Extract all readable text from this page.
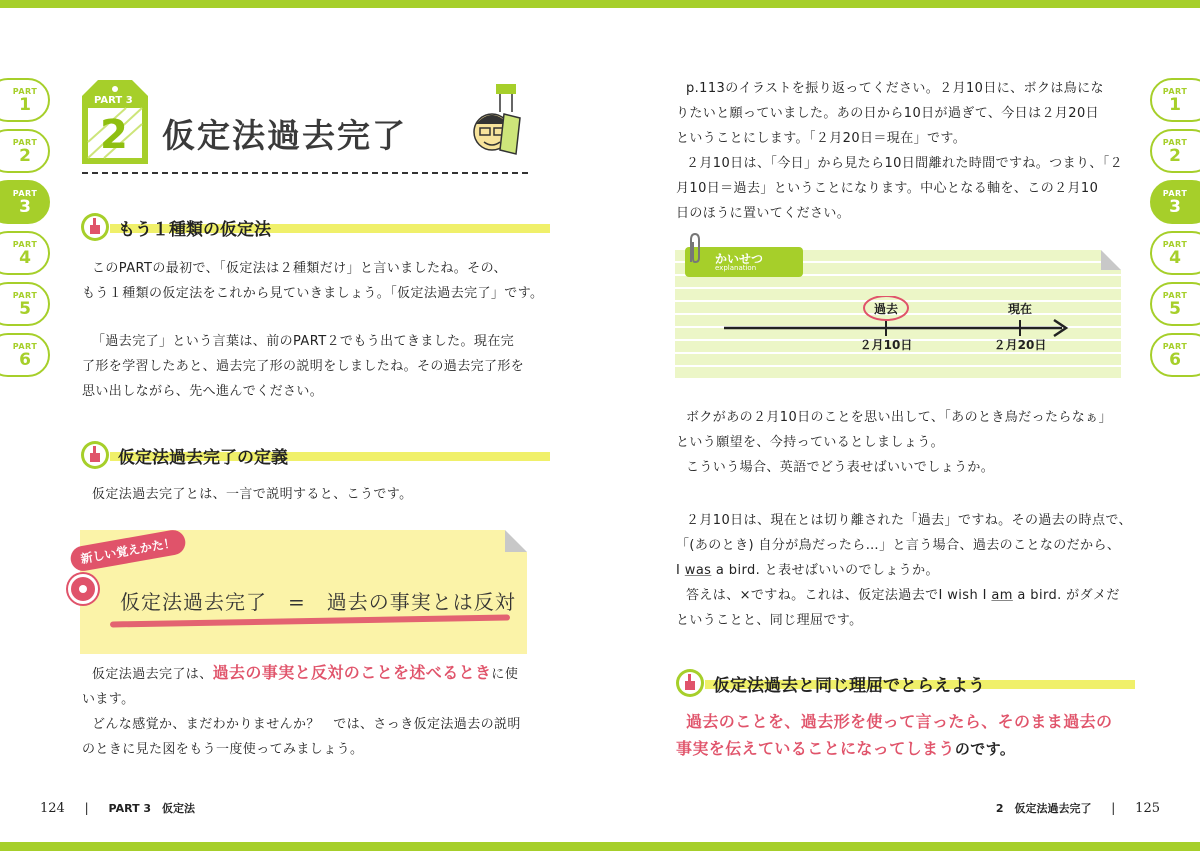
PART
1
PART
2
PART
3
PART
4
PART
5
PART
6
PART
1
PART
2
PART
3
PART
4
PART
5
PART
6
PART 3
2 仮定法過去完了
もう１種類の仮定法
このPARTの最初で、「仮定法は２種類だけ」と言いましたね。その、
もう１種類の仮定法をこれから見ていきましょう。「仮定法過去完了」です。
「過去完了」という言葉は、前のPART２でもう出てきました。現在完
了形を学習したあと、過去完了形の説明をしましたね。その過去完了形を
思い出しながら、先へ進んでください。
仮定法過去完了の定義
仮定法過去完了とは、一言で説明すると、こうです。
新しい覚えかた！
仮定法過去完了　=　過去の事実とは反対
仮定法過去完了は、過去の事実と反対のことを述べるときに使
います。
どんな感覚か、まだわかりませんか？　では、さっき仮定法過去の説明
のときに見た図をもう一度使ってみましょう。
p.113のイラストを振り返ってください。２月10日に、ボクは鳥にな
りたいと願っていました。あの日から10日が過ぎて、今日は２月20日
ということにします。「２月20日＝現在」です。
２月10日は、「今日」から見たら10日間離れた時間ですね。つまり、「２
月10日＝過去」ということになります。中心となる軸を、この２月10
日のほうに置いてください。
かいせつ
explanation
過去	現在
２月10日	２月20日
ボクがあの２月10日のことを思い出して、「あのとき鳥だったらなぁ」
という願望を、今持っているとしましょう。
こういう場合、英語でどう表せばいいでしょうか。
２月10日は、現在とは切り離された「過去」ですね。その過去の時点で、
「(あのとき) 自分が鳥だったら…」と言う場合、過去のことなのだから、
I was a bird. と表せばいいのでしょうか。
答えは、×ですね。これは、仮定法過去でI wish I am a bird. がダメだ
ということと、同じ理屈です。
仮定法過去と同じ理屈でとらえよう
過去のことを、過去形を使って言ったら、そのまま過去の
事実を伝えていることになってしまうのです。
124 | PART 3　仮定法	2　仮定法過去完了 | 125
